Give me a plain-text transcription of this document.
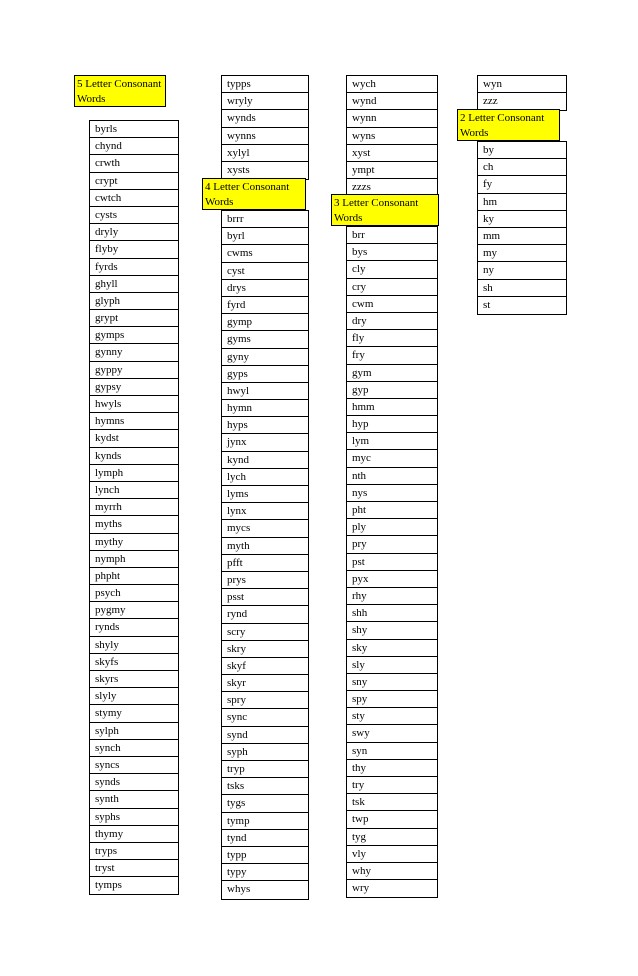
5 Letter Consonant Words
byrls
chynd
crwth
crypt
cwtch
cysts
dryly
flyby
fyrds
ghyll
glyph
grypt
gymps
gynny
gyppy
gypsy
hwyls
hymns
kydst
kynds
lymph
lynch
myrrh
myths
mythy
nymph
phpht
psych
pygmy
rynds
shyly
skyfs
skyrs
slyly
stymy
sylph
synch
syncs
synds
synth
syphs
thymy
tryps
tryst
tymps
typps
wryly
wynds
wynns
xylyl
xysts
4 Letter Consonant Words
brrr
byrl
cwms
cyst
drys
fyrd
gymp
gyms
gyny
gyps
hwyl
hymn
hyps
jynx
kynd
lych
lyms
lynx
mycs
myth
pfft
prys
psst
rynd
scry
skry
skyf
skyr
spry
sync
synd
syph
tryp
tsks
tygs
tymp
tynd
typp
typy
whys
wych
wynd
wynn
wyns
xyst
ympt
zzzs
3 Letter Consonant Words
brr
bys
cly
cry
cwm
dry
fly
fry
gym
gyp
hmm
hyp
lym
myc
nth
nys
pht
ply
pry
pst
pyx
rhy
shh
shy
sky
sly
sny
spy
sty
swy
syn
thy
try
tsk
twp
tyg
vly
why
wry
wyn
zzz
2 Letter Consonant Words
by
ch
fy
hm
ky
mm
my
ny
sh
st
